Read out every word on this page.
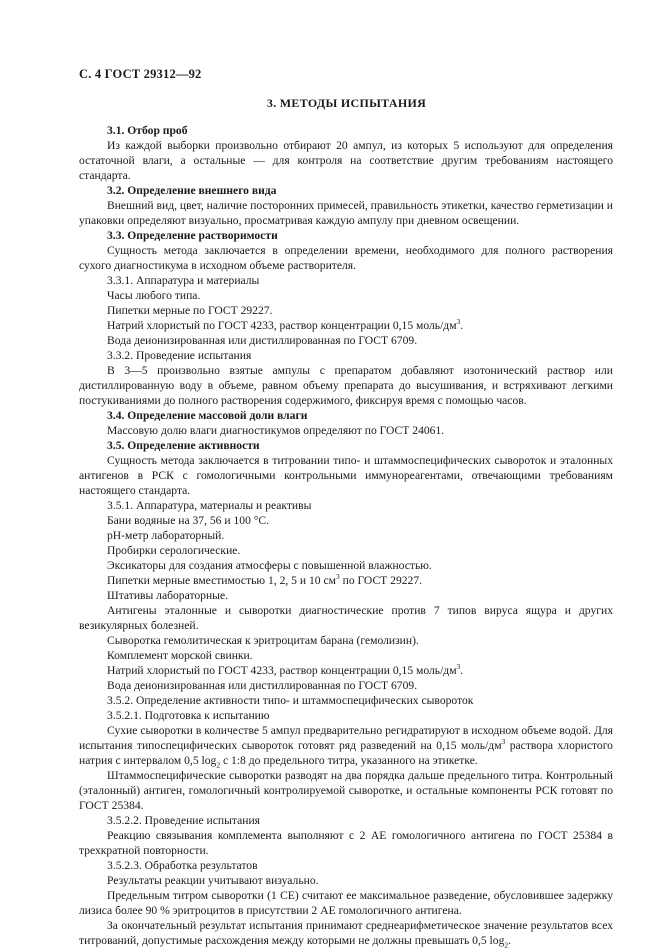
С. 4 ГОСТ 29312—92
3. МЕТОДЫ ИСПЫТАНИЯ

3.1. Отбор проб

Из каждой выборки произвольно отбирают 20 ампул, из которых 5 используют для определения остаточной влаги, а остальные — для контроля на соответствие другим требованиям настоящего стандарта.

3.2. Определение внешнего вида

Внешний вид, цвет, наличие посторонних примесей, правильность этикетки, качество герметизации и упаковки определяют визуально, просматривая каждую ампулу при дневном освещении.

3.3. Определение растворимости

Сущность метода заключается в определении времени, необходимого для полного растворения сухого диагностикума в исходном объеме растворителя.

3.3.1. Аппаратура и материалы

Часы любого типа.

Пипетки мерные по ГОСТ 29227.

Натрий хлористый по ГОСТ 4233, раствор концентрации 0,15 моль/$дм^3$.

Вода деионизированная или дистиллированная по ГОСТ 6709.

3.3.2. Проведение испытания

В 3—5 произвольно взятые ампулы с препаратом добавляют изотонический раствор или дистиллированную воду в объеме, равном объему препарата до высушивания, и встряхивают легкими постукиваниями до полного растворения содержимого, фиксируя время с помощью часов.

3.4. Определение массовой доли влаги

Массовую долю влаги диагностикумов определяют по ГОСТ 24061.

3.5. Определение активности

Сущность метода заключается в титровании типо- и штаммоспецифических сывороток и эталонных антигенов в РСК с гомологичными контрольными иммунореагентами, отвечающими требованиям настоящего стандарта.

3.5.1. Аппаратура, материалы и реактивы

Бани водяные на 37, 56 и 100 °С.

pH-метр лабораторный.

Пробирки серологические.

Эксикаторы для создания атмосферы с повышенной влажностью.

Пипетки мерные вместимостью 1, 2, 5 и 10 $см^3$ по ГОСТ 29227.

Штативы лабораторные.

Антигены эталонные и сыворотки диагностические против 7 типов вируса ящура и других везикулярных болезней.

Сыворотка гемолитическая к эритроцитам барана (гемолизин).

Комплемент морской свинки.

Натрий хлористый по ГОСТ 4233, раствор концентрации 0,15 моль/$дм^3$.

Вода деионизированная или дистиллированная по ГОСТ 6709.

3.5.2. Определение активности типо- и штаммоспецифических сывороток

3.5.2.1. Подготовка к испытанию

Сухие сыворотки в количестве 5 ампул предварительно регидратируют в исходном объеме водой. Для испытания типоспецифических сывороток готовят ряд разведений на 0,15 моль/$дм^3$ раствора хлористого натрия с интервалом 0,5 $\log_2 с$ 1:8 до предельного титра, указанного на этикетке.

Штаммоспецифические сыворотки разводят на два порядка дальше предельного титра. Контрольный (эталонный) антиген, гомологичный контролируемой сыворотке, и остальные компоненты РСК готовят по ГОСТ 25384.

3.5.2.2. Проведение испытания

Реакцию связывания комплемента выполняют с 2 АЕ гомологичного антигена по ГОСТ 25384 в трехкратной повторности.

3.5.2.3. Обработка результатов

Результаты реакции учитывают визуально.

Предельным титром сыворотки (1 СЕ) считают ее максимальное разведение, обусловившее задержку лизиса более 90 % эритроцитов в присутствии 2 АЕ гомологичного антигена.

За окончательный результат испытания принимают среднеарифметическое значение результатов всех титрований, допустимые расхождения между которыми не должны превышать 0,5 $\log_2$.
